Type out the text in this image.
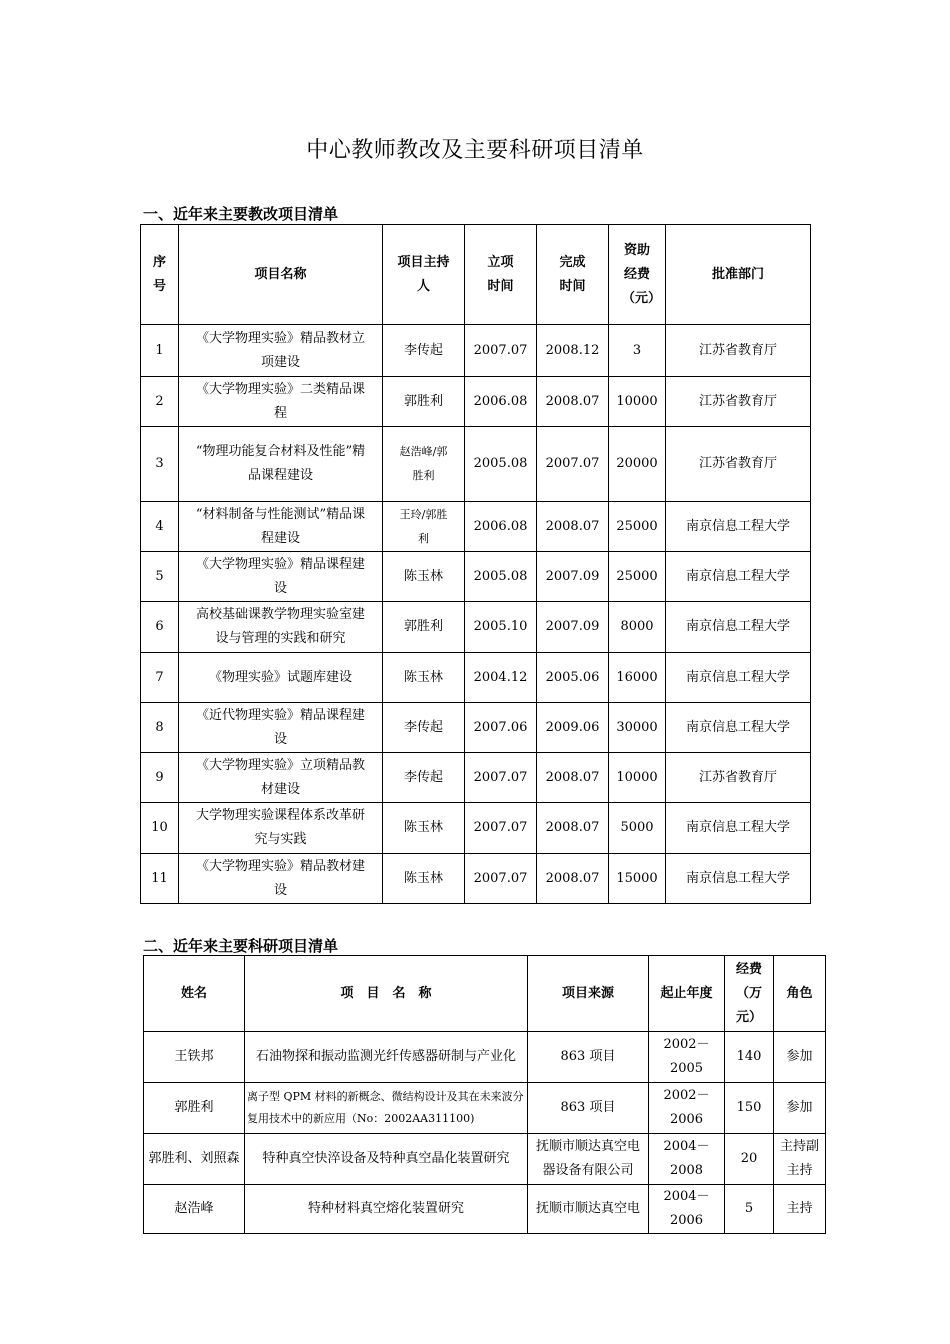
中心教师教改及主要科研项目清单
一、近年来主要教改项目清单
序号	项目名称	项目主持人	立项时间	完成时间	资助经费（元）	批准部门
1	《大学物理实验》精品教材立项建设	李传起	2007.07	2008.12	3	江苏省教育厅
2	《大学物理实验》二类精品课程	郭胜利	2006.08	2008.07	10000	江苏省教育厅
3	“物理功能复合材料及性能”精品课程建设	赵浩峰/郭胜利	2005.08	2007.07	20000	江苏省教育厅
4	“材料制备与性能测试”精品课程建设	王玲/郭胜利	2006.08	2008.07	25000	南京信息工程大学
5	《大学物理实验》精品课程建设	陈玉林	2005.08	2007.09	25000	南京信息工程大学
6	高校基础课教学物理实验室建设与管理的实践和研究	郭胜利	2005.10	2007.09	8000	南京信息工程大学
7	《物理实验》试题库建设	陈玉林	2004.12	2005.06	16000	南京信息工程大学
8	《近代物理实验》精品课程建设	李传起	2007.06	2009.06	30000	南京信息工程大学
9	《大学物理实验》立项精品教材建设	李传起	2007.07	2008.07	10000	江苏省教育厅
10	大学物理实验课程体系改革研究与实践	陈玉林	2007.07	2008.07	5000	南京信息工程大学
11	《大学物理实验》精品教材建设	陈玉林	2007.07	2008.07	15000	南京信息工程大学
二、近年来主要科研项目清单
姓名	项　目　名　称	项目来源	起止年度	经费（万元）	角色
王铁邦	石油物探和振动监测光纤传感器研制与产业化	863 项目	2002－2005	140	参加
郭胜利	离子型 QPM 材料的新概念、微结构设计及其在未来波分复用技术中的新应用（No：2002AA311100)	863 项目	2002－2006	150	参加
郭胜利、刘照森	特种真空快淬设备及特种真空晶化装置研究	抚顺市顺达真空电器设备有限公司	2004－2008	20	主持副主持
赵浩峰	特种材料真空熔化装置研究	抚顺市顺达真空电	2004－2006	5	主持
